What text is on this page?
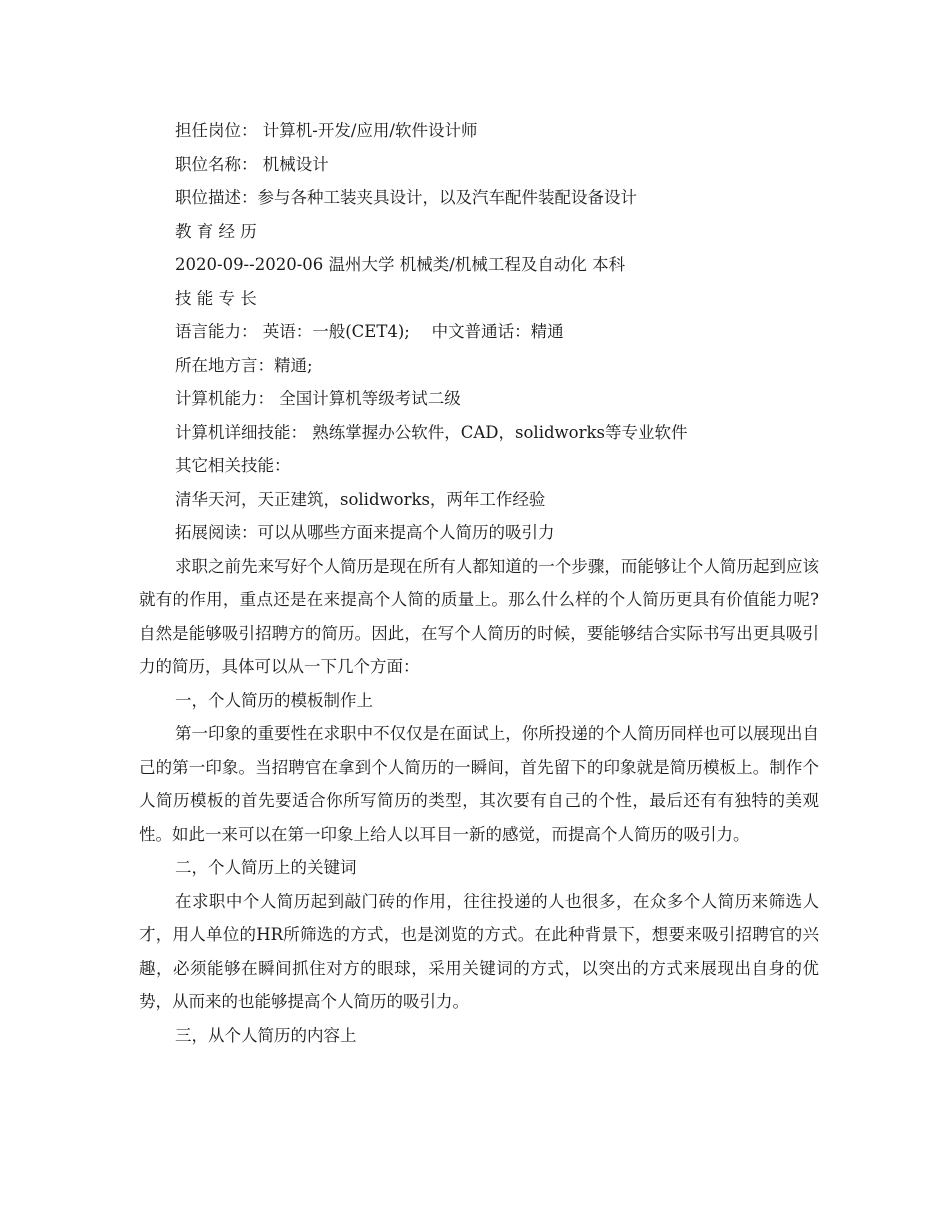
担任岗位： 计算机-开发/应用/软件设计师
职位名称： 机械设计
职位描述：参与各种工装夹具设计，以及汽车配件装配设备设计
教 育 经 历
2020-09--2020-06 温州大学 机械类/机械工程及自动化 本科
技 能 专 长
语言能力： 英语：一般(CET4);　 中文普通话：精通
所在地方言：精通;
计算机能力： 全国计算机等级考试二级
计算机详细技能： 熟练掌握办公软件，CAD，solidworks等专业软件
其它相关技能：
清华天河，天正建筑，solidworks，两年工作经验
拓展阅读：可以从哪些方面来提高个人简历的吸引力

求职之前先来写好个人简历是现在所有人都知道的一个步骤，而能够让个人简历起到应该就有的作用，重点还是在来提高个人简的质量上。那么什么样的个人简历更具有价值能力呢?自然是能够吸引招聘方的简历。因此，在写个人简历的时候，要能够结合实际书写出更具吸引力的简历，具体可以从一下几个方面：

一，个人简历的模板制作上

第一印象的重要性在求职中不仅仅是在面试上，你所投递的个人简历同样也可以展现出自己的第一印象。当招聘官在拿到个人简历的一瞬间，首先留下的印象就是简历模板上。制作个人简历模板的首先要适合你所写简历的类型，其次要有自己的个性，最后还有有独特的美观性。如此一来可以在第一印象上给人以耳目一新的感觉，而提高个人简历的吸引力。

二，个人简历上的关键词

在求职中个人简历起到敲门砖的作用，往往投递的人也很多，在众多个人简历来筛选人才，用人单位的HR所筛选的方式，也是浏览的方式。在此种背景下，想要来吸引招聘官的兴趣，必须能够在瞬间抓住对方的眼球，采用关键词的方式，以突出的方式来展现出自身的优势，从而来的也能够提高个人简历的吸引力。

三，从个人简历的内容上
